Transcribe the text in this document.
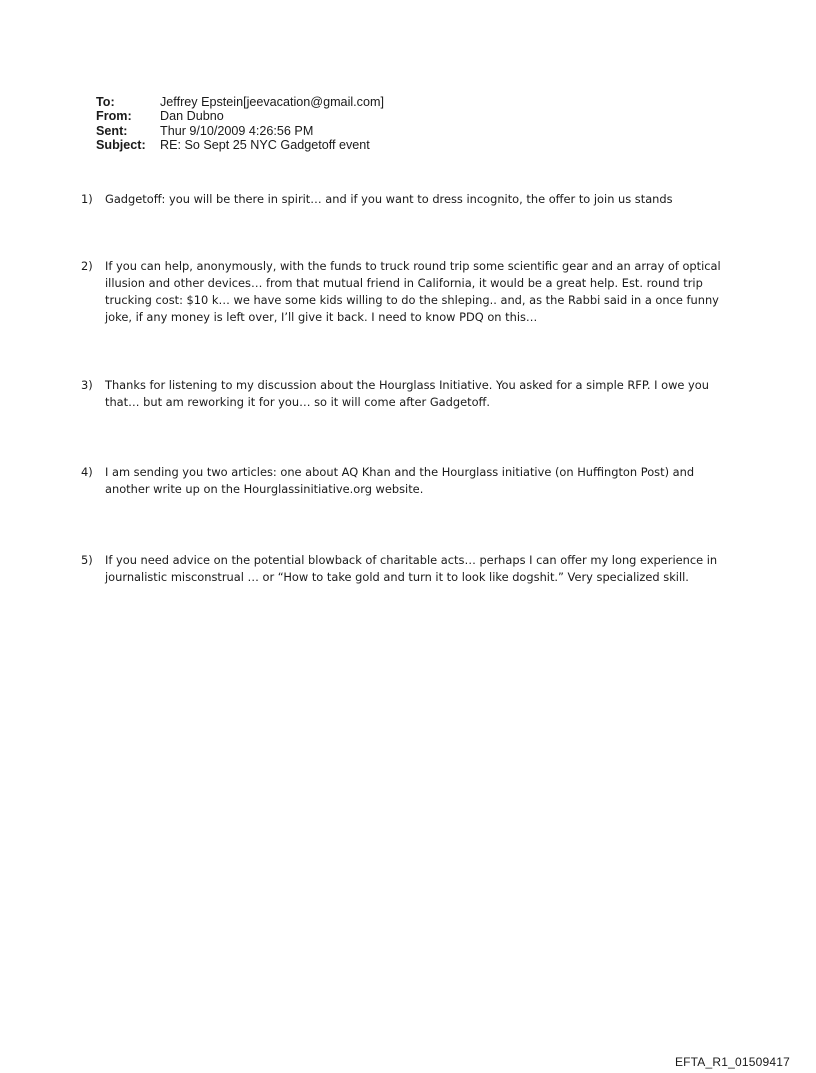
To:	Jeffrey Epstein[jeevacation@gmail.com]
From:	Dan Dubno
Sent:	Thur 9/10/2009 4:26:56 PM
Subject:	RE: So Sept 25 NYC Gadgetoff event
1)	Gadgetoff: you will be there in spirit… and if you want to dress incognito, the offer to join us stands
2)	If you can help, anonymously, with the funds to truck round trip some scientific gear and an array of optical illusion and other devices… from that mutual friend in California, it would be a great help. Est. round trip trucking cost: $10 k… we have some kids willing to do the shleping.. and, as the Rabbi said in a once funny joke, if any money is left over, I’ll give it back. I need to know PDQ on this…
3)	Thanks for listening to my discussion about the Hourglass Initiative. You asked for a simple RFP. I owe you that… but am reworking it for you… so it will come after Gadgetoff.
4)	I am sending you two articles: one about AQ Khan and the Hourglass initiative (on Huffington Post) and another write up on the Hourglassinitiative.org website.
5)	If you need advice on the potential blowback of charitable acts… perhaps I can offer my long experience in journalistic misconstrual … or “How to take gold and turn it to look like dogshit.” Very specialized skill.
EFTA_R1_01509417
